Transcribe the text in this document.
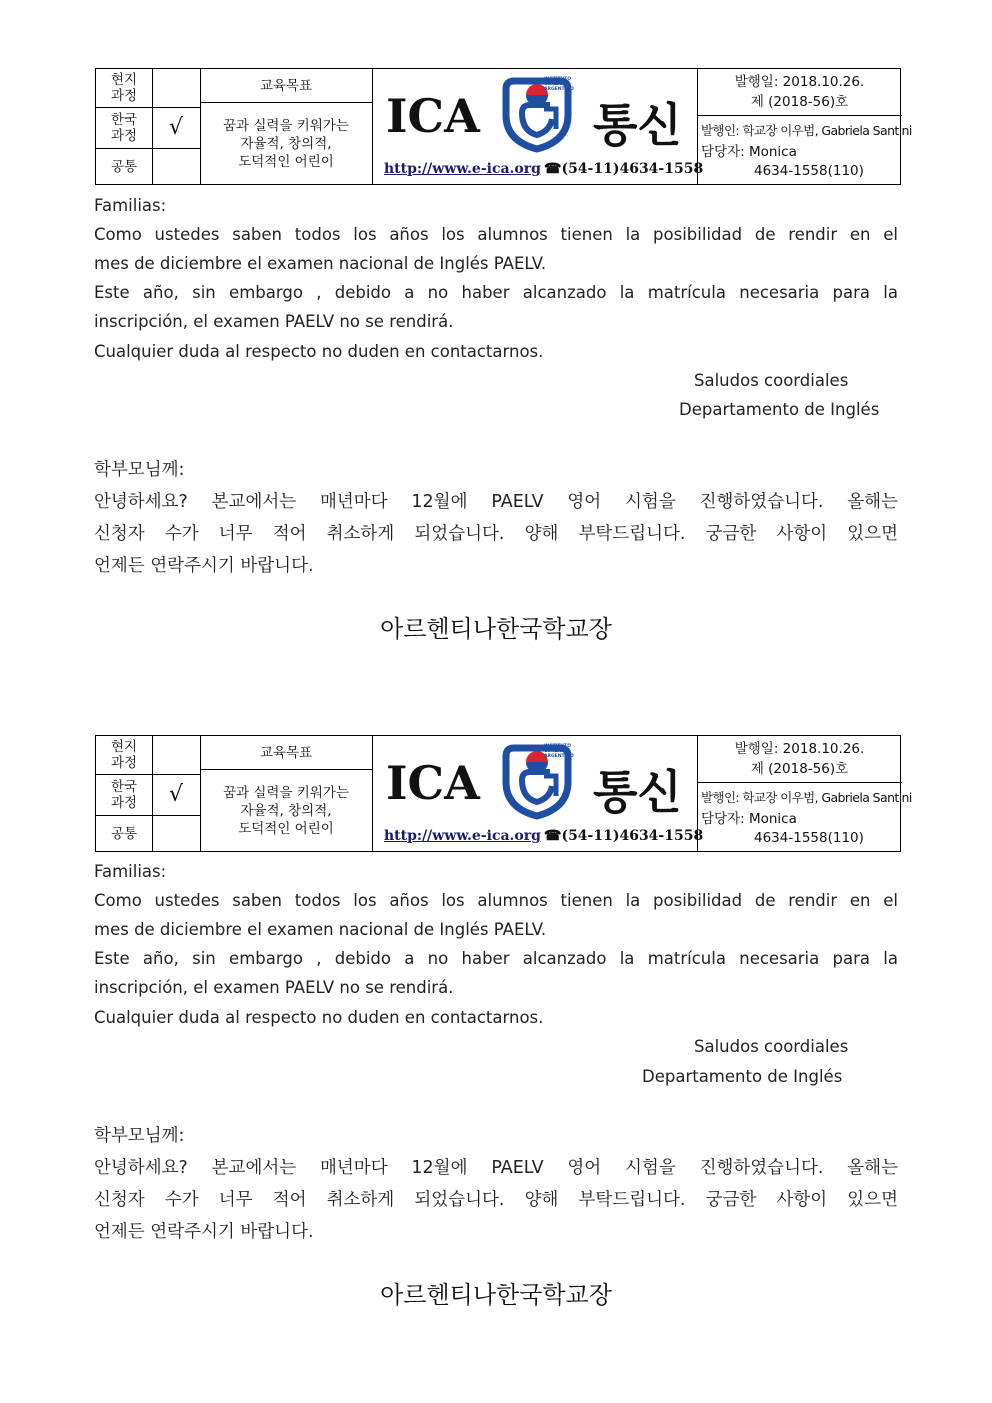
현지
과정
한국
과정
공통
√
교육목표
꿈과 실력을 키워가는
자율적, 창의적,
도덕적인 어린이
ICA
INSTITUTO COREANO ARGENTINO
통신
http://www.e-ica.org ☎(54-11)4634-1558
발행일: 2018.10.26.
제 (2018-56)호
발행인: 학교장 이우범, Gabriela Santini
담당자: Monica
4634-1558(110)
Familias:
Como ustedes saben todos los años los alumnos tienen la posibilidad de rendir en el
mes de diciembre el examen nacional de Inglés PAELV.
Este año, sin embargo , debido a no haber alcanzado la matrícula necesaria para la
inscripción, el examen PAELV no se rendirá.
Cualquier duda al respecto no duden en contactarnos.
Saludos coordiales
Departamento de Inglés
학부모님께:
안녕하세요? 본교에서는 매년마다 12월에 PAELV 영어 시험을 진행하였습니다. 올해는
신청자 수가 너무 적어 취소하게 되었습니다. 양해 부탁드립니다. 궁금한 사항이 있으면
언제든 연락주시기 바랍니다.
아르헨티나한국학교장
현지
과정
한국
과정
공통
√
교육목표
꿈과 실력을 키워가는
자율적, 창의적,
도덕적인 어린이
ICA
INSTITUTO COREANO ARGENTINO
통신
http://www.e-ica.org ☎(54-11)4634-1558
발행일: 2018.10.26.
제 (2018-56)호
발행인: 학교장 이우범, Gabriela Santini
담당자: Monica
4634-1558(110)
Familias:
Como ustedes saben todos los años los alumnos tienen la posibilidad de rendir en el
mes de diciembre el examen nacional de Inglés PAELV.
Este año, sin embargo , debido a no haber alcanzado la matrícula necesaria para la
inscripción, el examen PAELV no se rendirá.
Cualquier duda al respecto no duden en contactarnos.
Saludos coordiales
Departamento de Inglés
학부모님께:
안녕하세요? 본교에서는 매년마다 12월에 PAELV 영어 시험을 진행하였습니다. 올해는
신청자 수가 너무 적어 취소하게 되었습니다. 양해 부탁드립니다. 궁금한 사항이 있으면
언제든 연락주시기 바랍니다.
아르헨티나한국학교장
